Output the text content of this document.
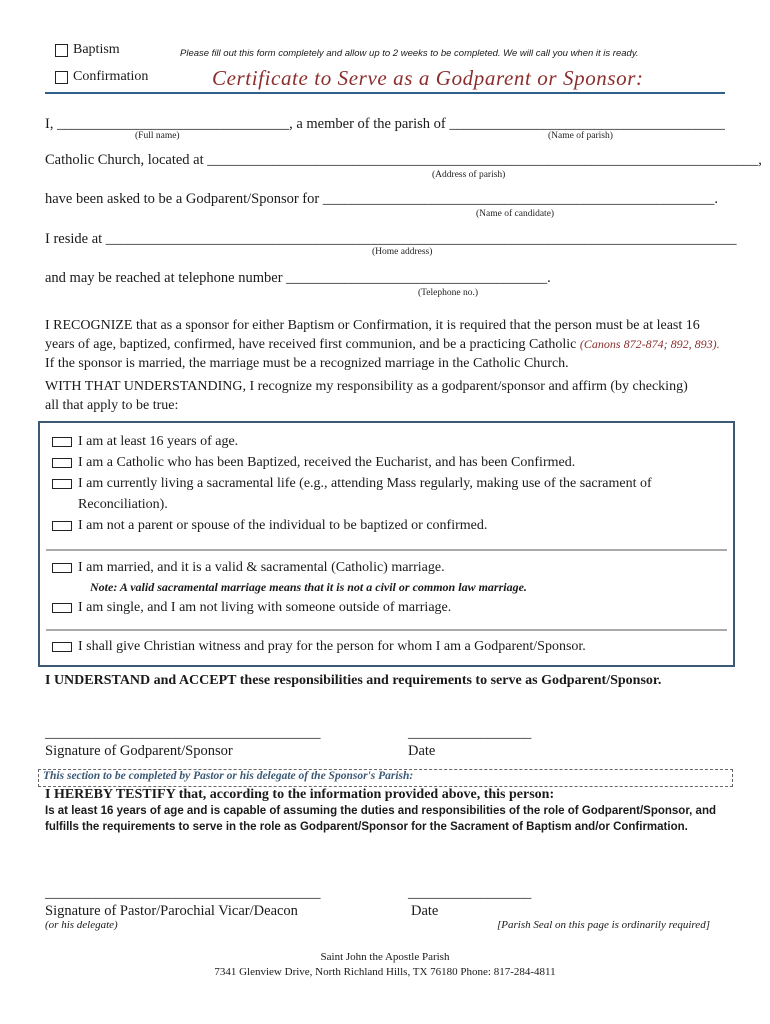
Baptism
Confirmation
Please fill out this form completely and allow up to 2 weeks to be completed. We will call you when it is ready.
Certificate to Serve as a Godparent or Sponsor:
I, ________________________________, a member of the parish of ______________________________________
(Full name)	(Name of parish)
Catholic Church, located at ____________________________________________________________________________,
(Address of parish)
have been asked to be a Godparent/Sponsor for ______________________________________________________.
(Name of candidate)
I reside at _______________________________________________________________________________________
(Home address)
and may be reached at telephone number ____________________________________.
(Telephone no.)
I RECOGNIZE that as a sponsor for either Baptism or Confirmation, it is required that the person must be at least 16 years of age, baptized, confirmed, have received first communion, and be a practicing Catholic (Canons 872-874; 892, 893). If the sponsor is married, the marriage must be a recognized marriage in the Catholic Church.
WITH THAT UNDERSTANDING, I recognize my responsibility as a godparent/sponsor and affirm (by checking) all that apply to be true:
I am at least 16 years of age.
I am a Catholic who has been Baptized, received the Eucharist, and has been Confirmed.
I am currently living a sacramental life (e.g., attending Mass regularly, making use of the sacrament of Reconciliation).
I am not a parent or spouse of the individual to be baptized or confirmed.
I am married, and it is a valid & sacramental (Catholic) marriage.
Note: A valid sacramental marriage means that it is not a civil or common law marriage.
I am single, and I am not living with someone outside of marriage.
I shall give Christian witness and pray for the person for whom I am a Godparent/Sponsor.
I UNDERSTAND and ACCEPT these responsibilities and requirements to serve as Godparent/Sponsor.
______________________________________
Signature of Godparent/Sponsor
_________________
Date
This section to be completed by Pastor or his delegate of the Sponsor's Parish:
I HEREBY TESTIFY that, according to the information provided above, this person:
Is at least 16 years of age and is capable of assuming the duties and responsibilities of the role of Godparent/Sponsor, and fulfills the requirements to serve in the role as Godparent/Sponsor for the Sacrament of Baptism and/or Confirmation.
______________________________________
Signature of Pastor/Parochial Vicar/Deacon
(or his delegate)
_________________
Date
[Parish Seal on this page is ordinarily required]
Saint John the Apostle Parish
7341 Glenview Drive, North Richland Hills, TX 76180 Phone: 817-284-4811
